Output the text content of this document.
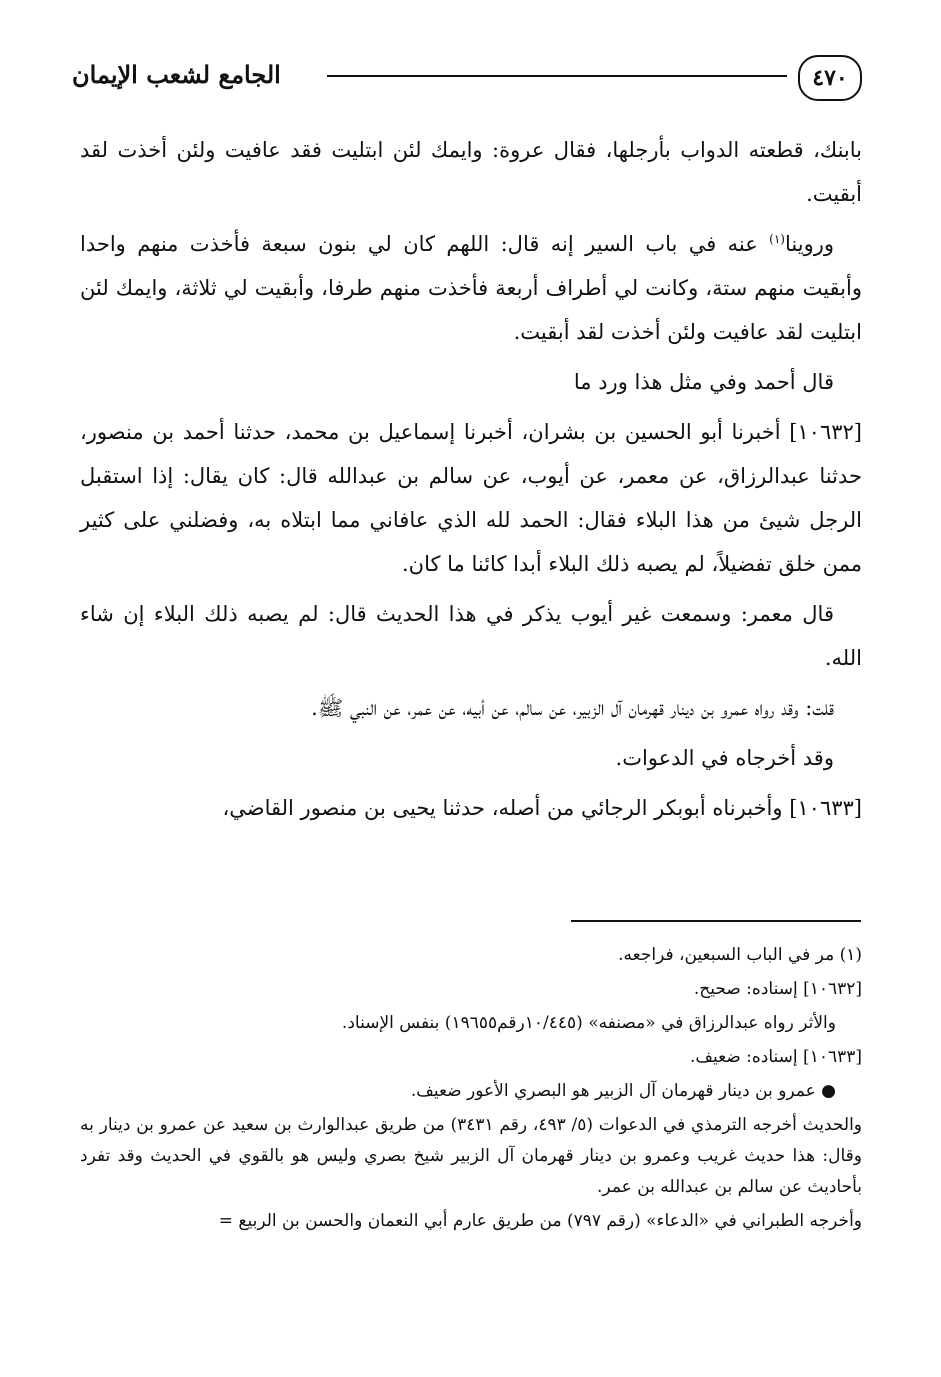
٤٧٠
الجامع لشعب الإيمان

بابنك، قطعته الدواب بأرجلها، فقال عروة: وايمك لئن ابتليت فقد عافيت ولئن أخذت لقد أبقيت.

وروينا$^{(١)}$ عنه في باب السير إنه قال: اللهم كان لي بنون سبعة فأخذت منهم واحدا وأبقيت منهم ستة، وكانت لي أطراف أربعة فأخذت منهم طرفا، وأبقيت لي ثلاثة، وايمك لئن ابتليت لقد عافيت ولئن أخذت لقد أبقيت.

قال أحمد وفي مثل هذا ورد ما

[١٠٦٣٢] أخبرنا أبو الحسين بن بشران، أخبرنا إسماعيل بن محمد، حدثنا أحمد بن منصور، حدثنا عبدالرزاق، عن معمر، عن أيوب، عن سالم بن عبدالله قال: كان يقال: إذا استقبل الرجل شيئ من هذا البلاء فقال: الحمد لله الذي عافاني مما ابتلاه به، وفضلني على كثير ممن خلق تفضيلاً، لم يصبه ذلك البلاء أبدا كائنا ما كان.

قال معمر: وسمعت غير أيوب يذكر في هذا الحديث قال: لم يصبه ذلك البلاء إن شاء الله.

قلت: وقد رواه عمرو بن دينار قهرمان آل الزبير، عن سالم، عن أبيه، عن عمر، عن النبي ﷺ.

وقد أخرجاه في الدعوات.

[١٠٦٣٣] وأخبرناه أبوبكر الرجائي من أصله، حدثنا يحيى بن منصور القاضي،

(١) مر في الباب السبعين، فراجعه.

[١٠٦٣٢] إسناده: صحيح.

والأثر رواه عبدالرزاق في «مصنفه» (١٠/٤٤٥رقم١٩٦٥٥) بنفس الإسناد.

[١٠٦٣٣] إسناده: ضعيف.

● عمرو بن دينار قهرمان آل الزبير هو البصري الأعور ضعيف.

والحديث أخرجه الترمذي في الدعوات (٥/ ٤٩٣، رقم ٣٤٣١) من طريق عبدالوارث بن سعيد عن عمرو بن دينار به وقال: هذا حديث غريب وعمرو بن دينار قهرمان آل الزبير شيخ بصري وليس هو بالقوي في الحديث وقد تفرد بأحاديث عن سالم بن عبدالله بن عمر.

وأخرجه الطبراني في «الدعاء» (رقم ٧٩٧) من طريق عارم أبي النعمان والحسن بن الربيع =
